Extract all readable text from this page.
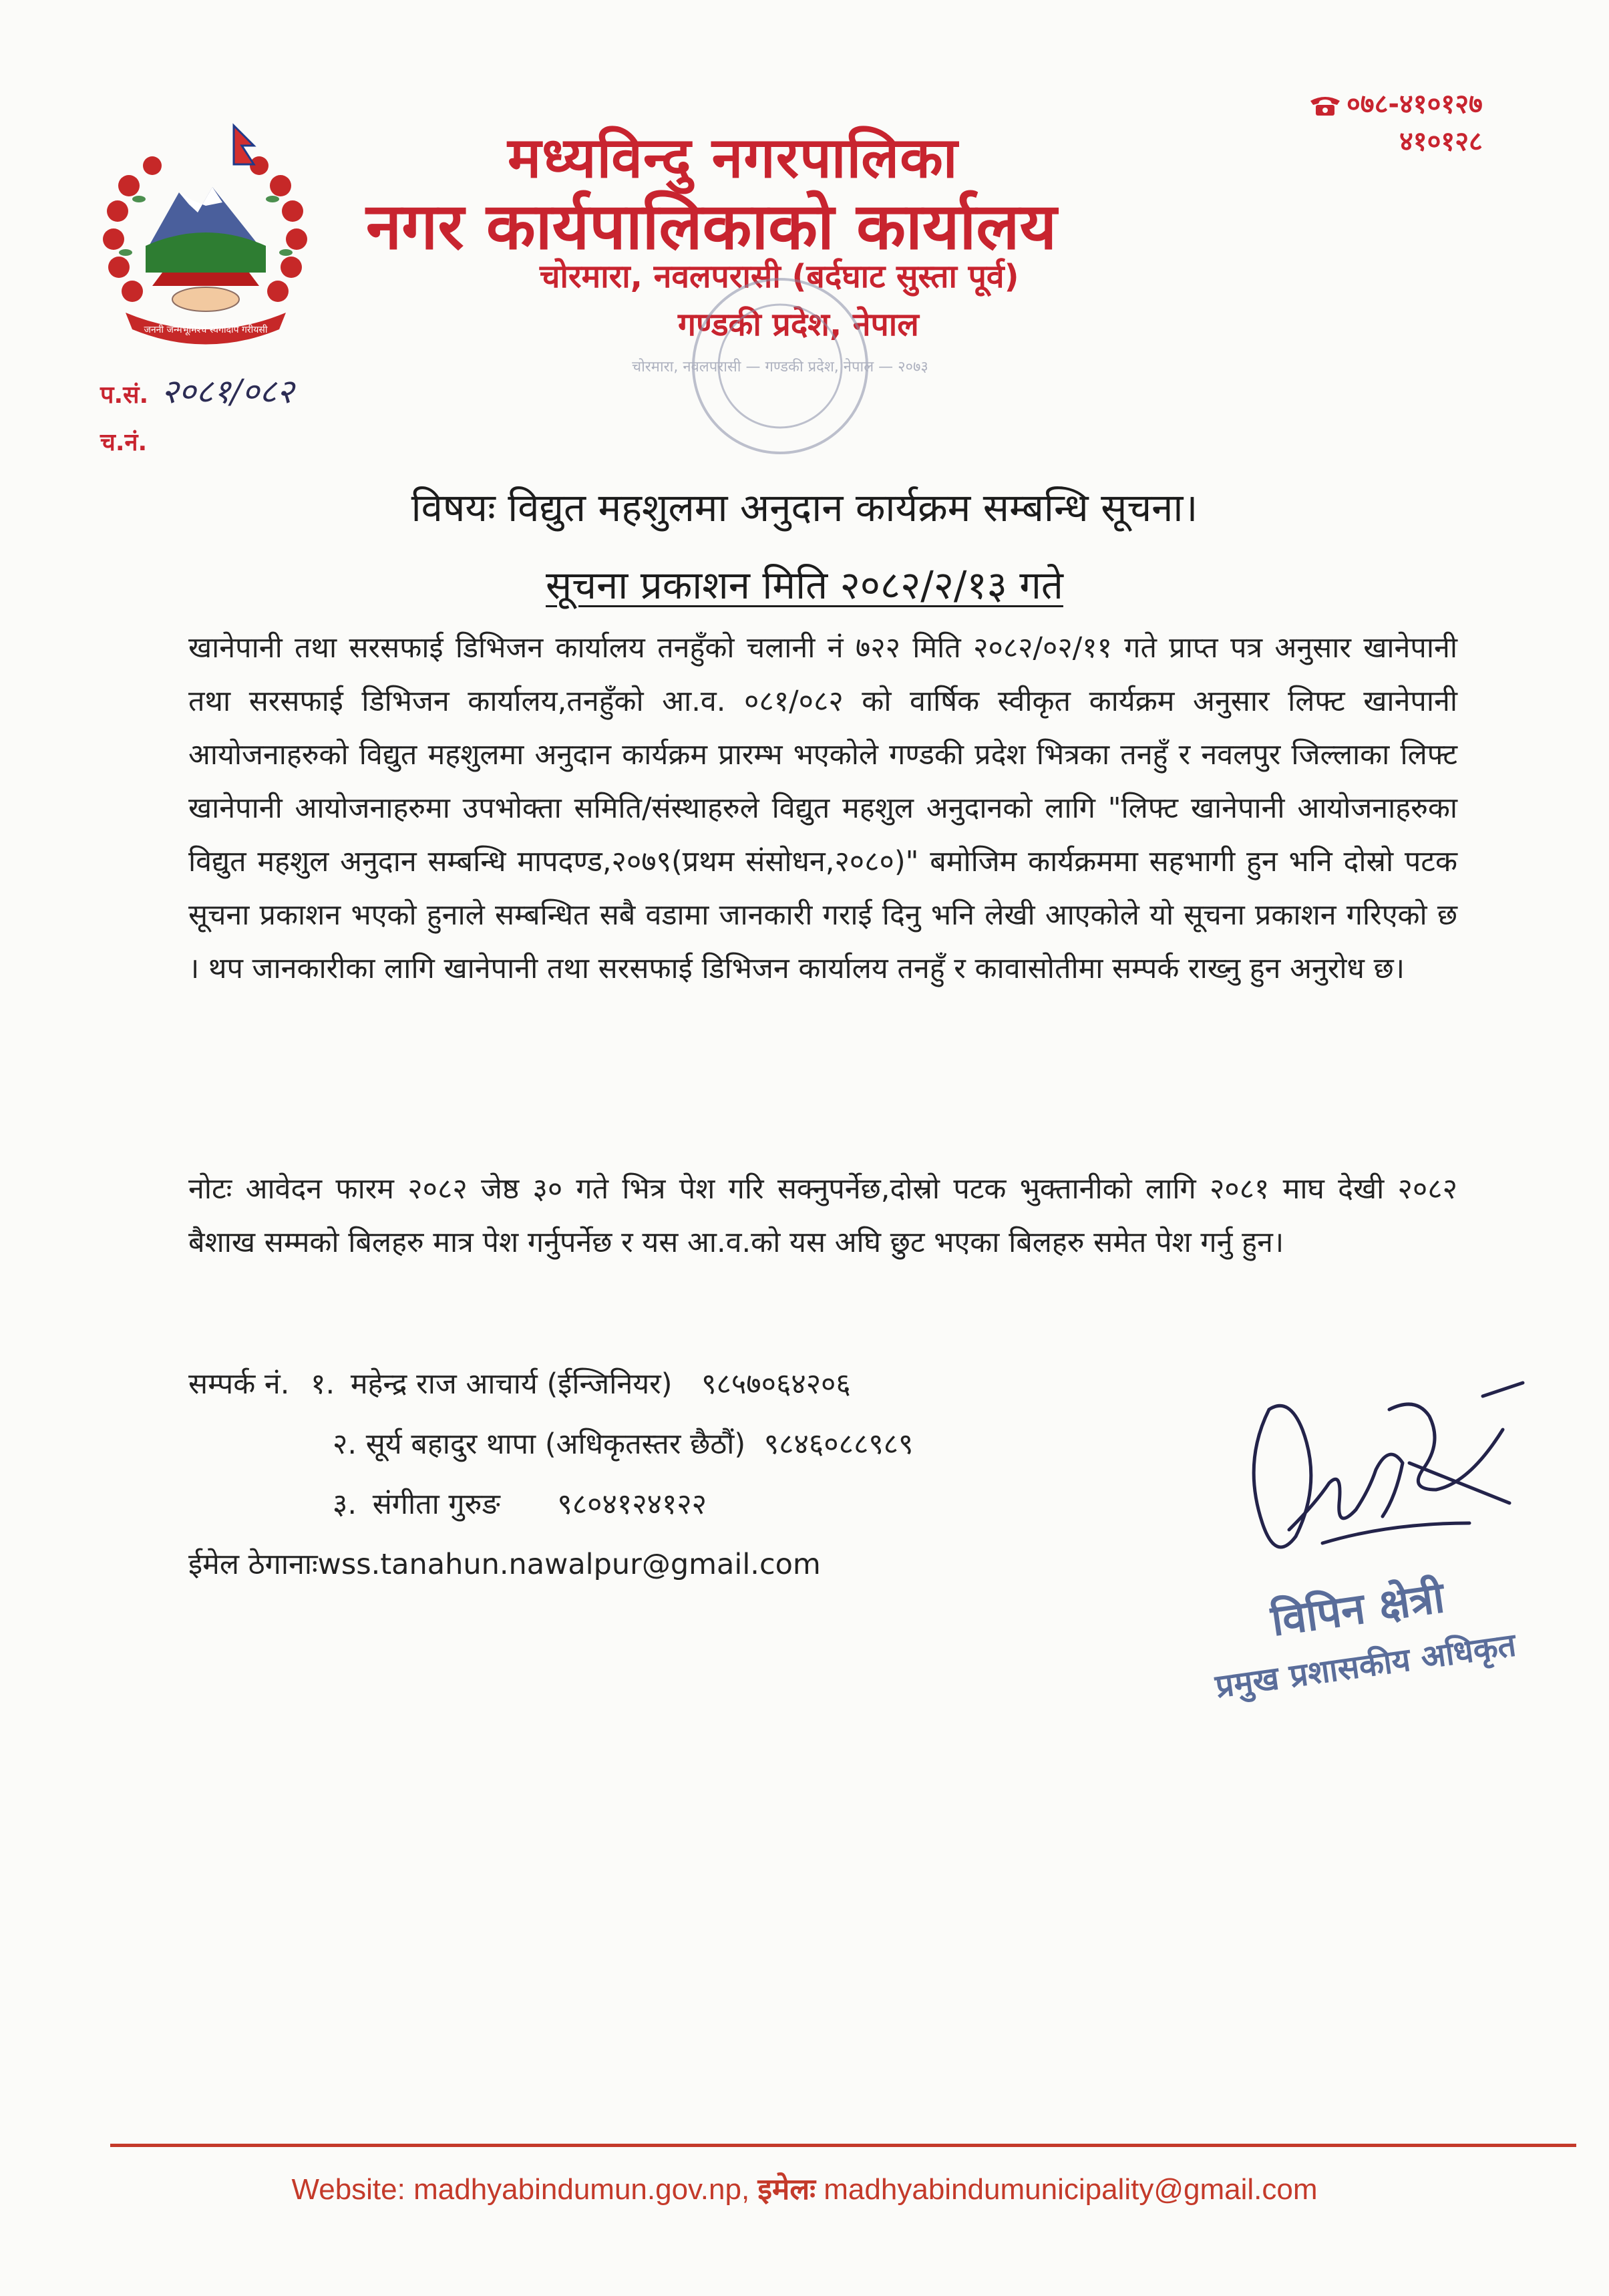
जननी जन्मभूमिश्च स्वर्गादपि गरीयसी
मध्यविन्दु नगरपालिका
नगर कार्यपालिकाको कार्यालय
चोरमारा, नवलपरासी (बर्दघाट सुस्ता पूर्व)
गण्डकी प्रदेश, नेपाल
०७८-४१०१२७
४१०१२८
प.सं. २०८१/०८२
च.नं.
चोरमारा, नवलपरासी — गण्डकी प्रदेश, नेपाल — २०७३
विषयः विद्युत महशुलमा अनुदान कार्यक्रम सम्बन्धि सूचना।
सूचना प्रकाशन मिति २०८२/२/१३ गते
खानेपानी तथा सरसफाई डिभिजन कार्यालय तनहुँको चलानी नं ७२२ मिति २०८२/०२/११ गते प्राप्त पत्र अनुसार खानेपानी तथा सरसफाई डिभिजन कार्यालय,तनहुँको आ.व. ०८१/०८२ को वार्षिक स्वीकृत कार्यक्रम अनुसार लिफ्ट खानेपानी आयोजनाहरुको विद्युत महशुलमा अनुदान कार्यक्रम प्रारम्भ भएकोले गण्डकी प्रदेश भित्रका तनहुँ र नवलपुर जिल्लाका लिफ्ट खानेपानी आयोजनाहरुमा उपभोक्ता समिति/संस्थाहरुले विद्युत महशुल अनुदानको लागि "लिफ्ट खानेपानी आयोजनाहरुका विद्युत महशुल अनुदान सम्बन्धि मापदण्ड,२०७९(प्रथम संसोधन,२०८०)" बमोजिम कार्यक्रममा सहभागी हुन भनि दोस्रो पटक सूचना प्रकाशन भएको हुनाले सम्बन्धित सबै वडामा जानकारी गराई दिनु भनि लेखी आएकोले यो सूचना प्रकाशन गरिएको छ । थप जानकारीका लागि खानेपानी तथा सरसफाई डिभिजन कार्यालय तनहुँ र कावासोतीमा सम्पर्क राख्नु हुन अनुरोध छ।
नोटः आवेदन फारम २०८२ जेष्ठ ३० गते भित्र पेश गरि सक्नुपर्नेछ,दोस्रो पटक भुक्तानीको लागि २०८१ माघ देखी २०८२ बैशाख सम्मको बिलहरु मात्र पेश गर्नुपर्नेछ र यस आ.व.को यस अघि छुट भएका बिलहरु समेत पेश गर्नु हुन।
सम्पर्क नं. १. महेन्द्र राज आचार्य (ईन्जिनियर) ९८५७०६४२०६
२. सूर्य बहादुर थापा (अधिकृतस्तर छैठौं) ९८४६०८८९८९
३. संगीता गुरुङ ९८०४१२४१२२
ईमेल ठेगानाःwss.tanahun.nawalpur@gmail.com
विपिन क्षेत्री
प्रमुख प्रशासकीय अधिकृत
Website: madhyabindumun.gov.np, इमेलः madhyabindumunicipality@gmail.com
